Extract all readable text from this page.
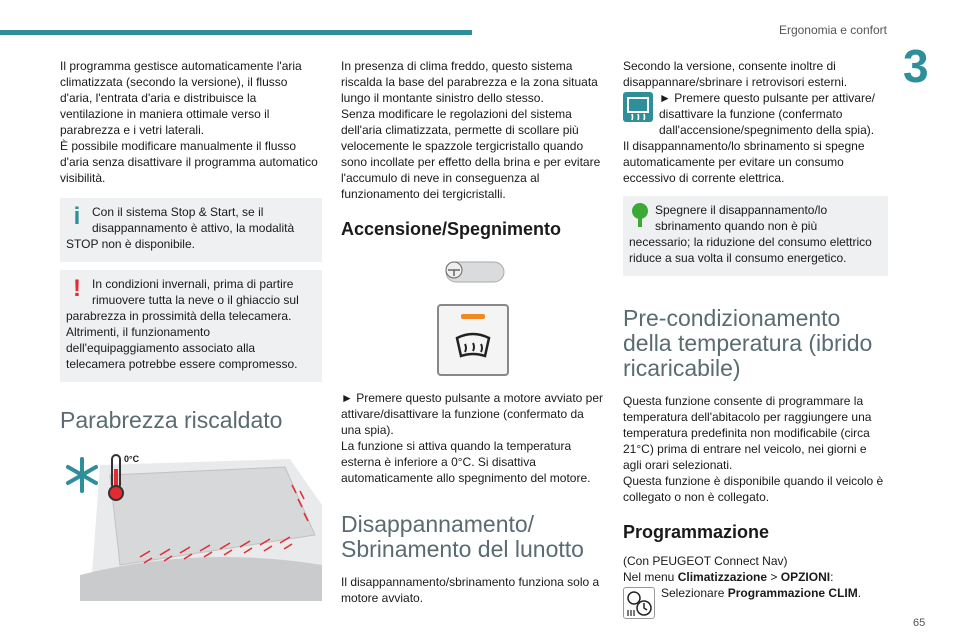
Ergonomia e confort
3

Il programma gestisce automaticamente l'aria climatizzata (secondo la versione), il flusso d'aria, l'entrata d'aria e distribuisce la ventilazione in maniera ottimale verso il parabrezza e i vetri laterali.

È possibile modificare manualmente il flusso d'aria senza disattivare il programma automatico visibilità.

i Con il sistema Stop & Start, se il disappannamento è attivo, la modalità STOP non è disponibile.
! In condizioni invernali, prima di partire rimuovere tutta la neve o il ghiaccio sul parabrezza in prossimità della telecamera.

Altrimenti, il funzionamento dell'equipaggiamento associato alla telecamera potrebbe essere compromesso.

Parabrezza riscaldato
0°C

In presenza di clima freddo, questo sistema riscalda la base del parabrezza e la zona situata lungo il montante sinistro dello stesso.

Senza modificare le regolazioni del sistema dell'aria climatizzata, permette di scollare più velocemente le spazzole tergicristallo quando sono incollate per effetto della brina e per evitare l'accumulo di neve in conseguenza al funzionamento dei tergicristalli.

Accensione/Spegnimento

► Premere questo pulsante a motore avviato per attivare/disattivare la funzione (confermato da una spia).

La funzione si attiva quando la temperatura esterna è inferiore a 0°C. Si disattiva automaticamente allo spegnimento del motore.

Disappannamento/ Sbrinamento del lunotto

Il disappannamento/sbrinamento funziona solo a motore avviato.

Secondo la versione, consente inoltre di disappannare/sbrinare i retrovisori esterni.

► Premere questo pulsante per attivare/ disattivare la funzione (confermato dall'accensione/spegnimento della spia).

Il disappannamento/lo sbrinamento si spegne automaticamente per evitare un consumo eccessivo di corrente elettrica.

Spegnere il disappannamento/lo sbrinamento quando non è più necessario; la riduzione del consumo elettrico riduce a sua volta il consumo energetico.
Pre-condizionamento della temperatura (ibrido ricaricabile)

Questa funzione consente di programmare la temperatura dell'abitacolo per raggiungere una temperatura predefinita non modificabile (circa 21°C) prima di entrare nel veicolo, nei giorni e agli orari selezionati.

Questa funzione è disponibile quando il veicolo è collegato o non è collegato.

Programmazione

(Con PEUGEOT Connect Nav)

Nel menu Climatizzazione > OPZIONI:

Selezionare Programmazione CLIM.

65
